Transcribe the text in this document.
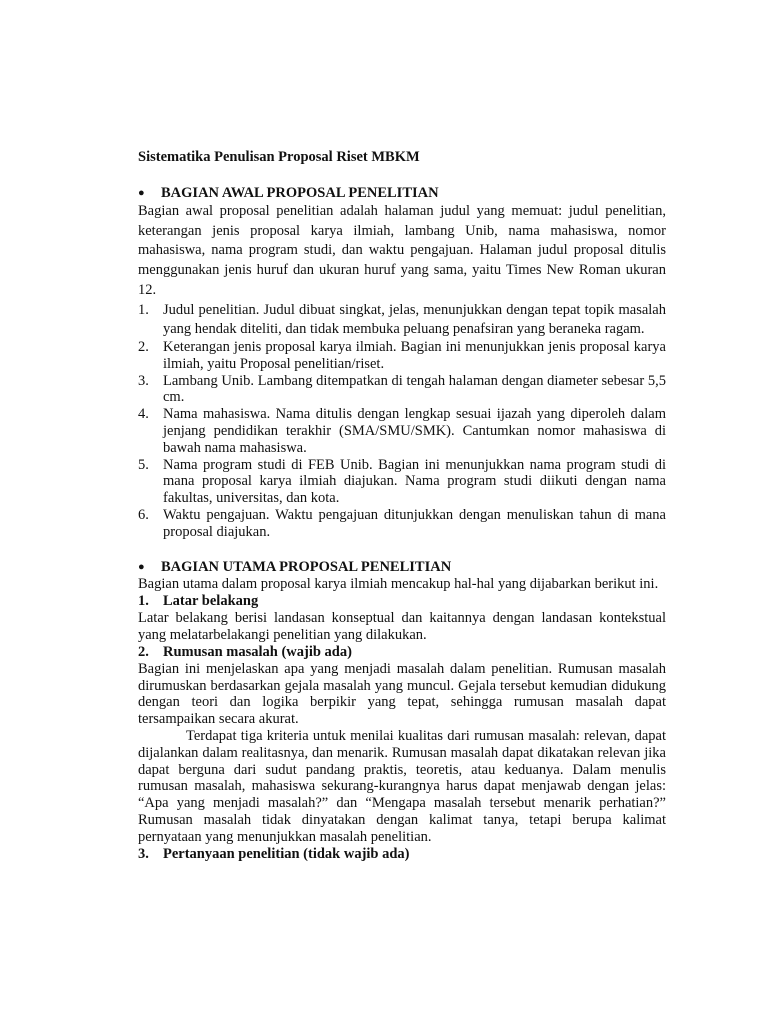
Sistematika Penulisan Proposal Riset MBKM
●	BAGIAN AWAL PROPOSAL PENELITIAN

Bagian awal proposal penelitian adalah halaman judul yang memuat: judul penelitian, keterangan jenis proposal karya ilmiah, lambang Unib, nama mahasiswa, nomor mahasiswa, nama program studi, dan waktu pengajuan. Halaman judul proposal ditulis menggunakan jenis huruf dan ukuran huruf yang sama, yaitu Times New Roman ukuran 12.

1. Judul penelitian. Judul dibuat singkat, jelas, menunjukkan dengan tepat topik masalah yang hendak diteliti, dan tidak membuka peluang penafsiran yang beraneka ragam.
2. Keterangan jenis proposal karya ilmiah. Bagian ini menunjukkan jenis proposal karya ilmiah, yaitu Proposal penelitian/riset.
3. Lambang Unib. Lambang ditempatkan di tengah halaman dengan diameter sebesar 5,5 cm.
4. Nama mahasiswa. Nama ditulis dengan lengkap sesuai ijazah yang diperoleh dalam jenjang pendidikan terakhir (SMA/SMU/SMK). Cantumkan nomor mahasiswa di bawah nama mahasiswa.
5. Nama program studi di FEB Unib. Bagian ini menunjukkan nama program studi di mana proposal karya ilmiah diajukan. Nama program studi diikuti dengan nama fakultas, universitas, dan kota.
6. Waktu pengajuan. Waktu pengajuan ditunjukkan dengan menuliskan tahun di mana proposal diajukan.
●	BAGIAN UTAMA PROPOSAL PENELITIAN

Bagian utama dalam proposal karya ilmiah mencakup hal-hal yang dijabarkan berikut ini.

1. Latar belakang

Latar belakang berisi landasan konseptual dan kaitannya dengan landasan kontekstual yang melatarbelakangi penelitian yang dilakukan.

2. Rumusan masalah (wajib ada)

Bagian ini menjelaskan apa yang menjadi masalah dalam penelitian. Rumusan masalah dirumuskan berdasarkan gejala masalah yang muncul. Gejala tersebut kemudian didukung dengan teori dan logika berpikir yang tepat, sehingga rumusan masalah dapat tersampaikan secara akurat.

Terdapat tiga kriteria untuk menilai kualitas dari rumusan masalah: relevan, dapat dijalankan dalam realitasnya, dan menarik. Rumusan masalah dapat dikatakan relevan jika dapat berguna dari sudut pandang praktis, teoretis, atau keduanya. Dalam menulis rumusan masalah, mahasiswa sekurang-kurangnya harus dapat menjawab dengan jelas: “Apa yang menjadi masalah?” dan “Mengapa masalah tersebut menarik perhatian?” Rumusan masalah tidak dinyatakan dengan kalimat tanya, tetapi berupa kalimat pernyataan yang menunjukkan masalah penelitian.

3. Pertanyaan penelitian (tidak wajib ada)
